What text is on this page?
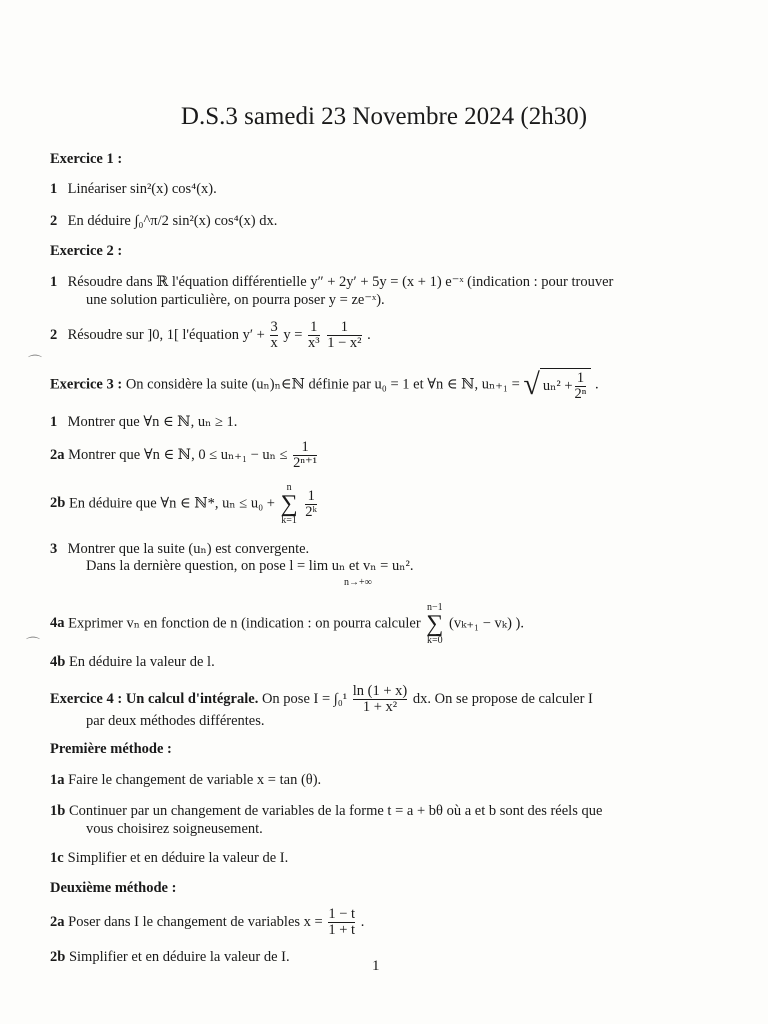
D.S.3 samedi 23 Novembre 2024 (2h30)
Exercice 1 :
1 Linéariser sin²(x) cos⁴(x).
2 En déduire ∫₀^π/2 sin²(x) cos⁴(x) dx.
Exercice 2 :
1 Résoudre dans ℝ l'équation différentielle y″ + 2y′ + 5y = (x + 1) e⁻ˣ (indication : pour trouver
une solution particulière, on pourra poser y = ze⁻ˣ).
2 Résoudre sur ]0, 1[ l'équation $y' + \frac{3}{x}$ $y = \frac{1}{\text{x³}}$
$\frac{1}{\text{1 − x²}}$ .
Exercice 3 : On considère la suite (uₙ)ₙ∈ℕ définie par u₀ = 1 et ∀n ∈ ℕ, uₙ₊₁ = √ $u_n^2 + \frac{1}{\text{2ⁿ}}$ .
1 Montrer que ∀n ∈ ℕ, uₙ ≥ 1.
2a Montrer que ∀n ∈ ℕ, $0 \le u_{n+1} - u_n \le \frac{1}{\text{2ⁿ⁺¹}}$
2b En déduire que ∀n ∈ ℕ*, uₙ ≤ u₀ + n
∑
k=1
$\frac{1}{\text{2ᵏ}}$
3 Montrer que la suite (uₙ) est convergente.
Dans la dernière question, on pose l = lim uₙ et vₙ = uₙ².
n→+∞
4a Exprimer vₙ en fonction de n (indication : on pourra calculer n−1
∑
k=0 (vₖ₊₁ − vₖ) ).
4b En déduire la valeur de l.
Exercice 4 : Un calcul d'intégrale. On pose $I = \int_0^1 \frac{\ln (1 + x)}{\text{1 + x²}}$ dx. On se propose de calculer I
par deux méthodes différentes.
Première méthode :
1a Faire le changement de variable x = tan (θ).
1b Continuer par un changement de variables de la forme t = a + bθ où a et b sont des réels que
vous choisirez soigneusement.
1c Simplifier et en déduire la valeur de I.
Deuxième méthode :
2a Poser dans I le changement de variables $x = \frac{1 - t}{1 + t}$ .
2b Simplifier et en déduire la valeur de I.
1
⌒
⌒
